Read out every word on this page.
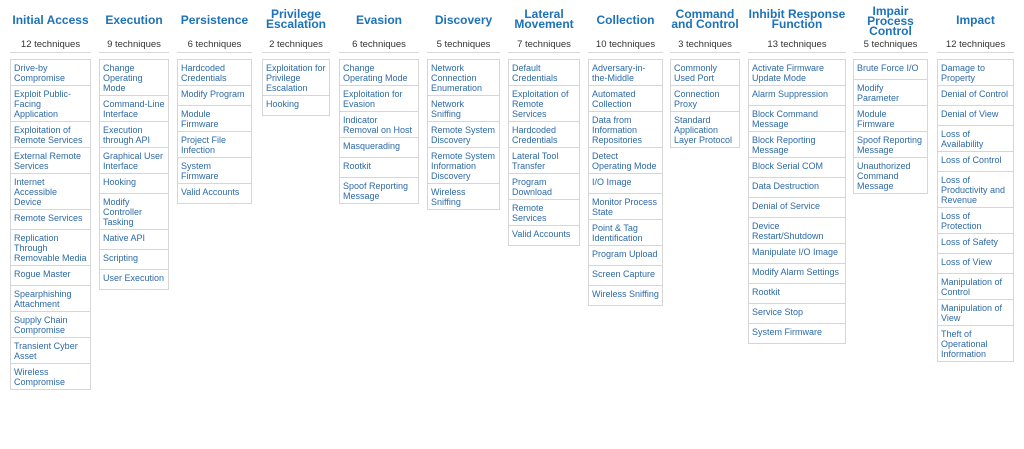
Initial Access
12 techniques
Drive-by Compromise
Exploit Public-Facing Application
Exploitation of Remote Services
External Remote Services
Internet Accessible Device
Remote Services
Replication Through Removable Media
Rogue Master
Spearphishing Attachment
Supply Chain Compromise
Transient Cyber Asset
Wireless Compromise
Execution
9 techniques
Change Operating Mode
Command-Line Interface
Execution through API
Graphical User Interface
Hooking
Modify Controller Tasking
Native API
Scripting
User Execution
Persistence
6 techniques
Hardcoded Credentials
Modify Program
Module Firmware
Project File Infection
System Firmware
Valid Accounts
Privilege
Escalation
2 techniques
Exploitation for Privilege Escalation
Hooking
Evasion
6 techniques
Change Operating Mode
Exploitation for Evasion
Indicator Removal on Host
Masquerading
Rootkit
Spoof Reporting Message
Discovery
5 techniques
Network Connection Enumeration
Network Sniffing
Remote System Discovery
Remote System Information Discovery
Wireless Sniffing
Lateral
Movement
7 techniques
Default Credentials
Exploitation of Remote Services
Hardcoded Credentials
Lateral Tool Transfer
Program Download
Remote Services
Valid Accounts
Collection
10 techniques
Adversary-in-the-Middle
Automated Collection
Data from Information Repositories
Detect Operating Mode
I/O Image
Monitor Process State
Point & Tag Identification
Program Upload
Screen Capture
Wireless Sniffing
Command
and Control
3 techniques
Commonly Used Port
Connection Proxy
Standard Application Layer Protocol
Inhibit Response
Function
13 techniques
Activate Firmware Update Mode
Alarm Suppression
Block Command Message
Block Reporting Message
Block Serial COM
Data Destruction
Denial of Service
Device Restart/Shutdown
Manipulate I/O Image
Modify Alarm Settings
Rootkit
Service Stop
System Firmware
Impair
Process
Control
5 techniques
Brute Force I/O
Modify Parameter
Module Firmware
Spoof Reporting Message
Unauthorized Command Message
Impact
12 techniques
Damage to Property
Denial of Control
Denial of View
Loss of Availability
Loss of Control
Loss of Productivity and Revenue
Loss of Protection
Loss of Safety
Loss of View
Manipulation of Control
Manipulation of View
Theft of Operational Information
